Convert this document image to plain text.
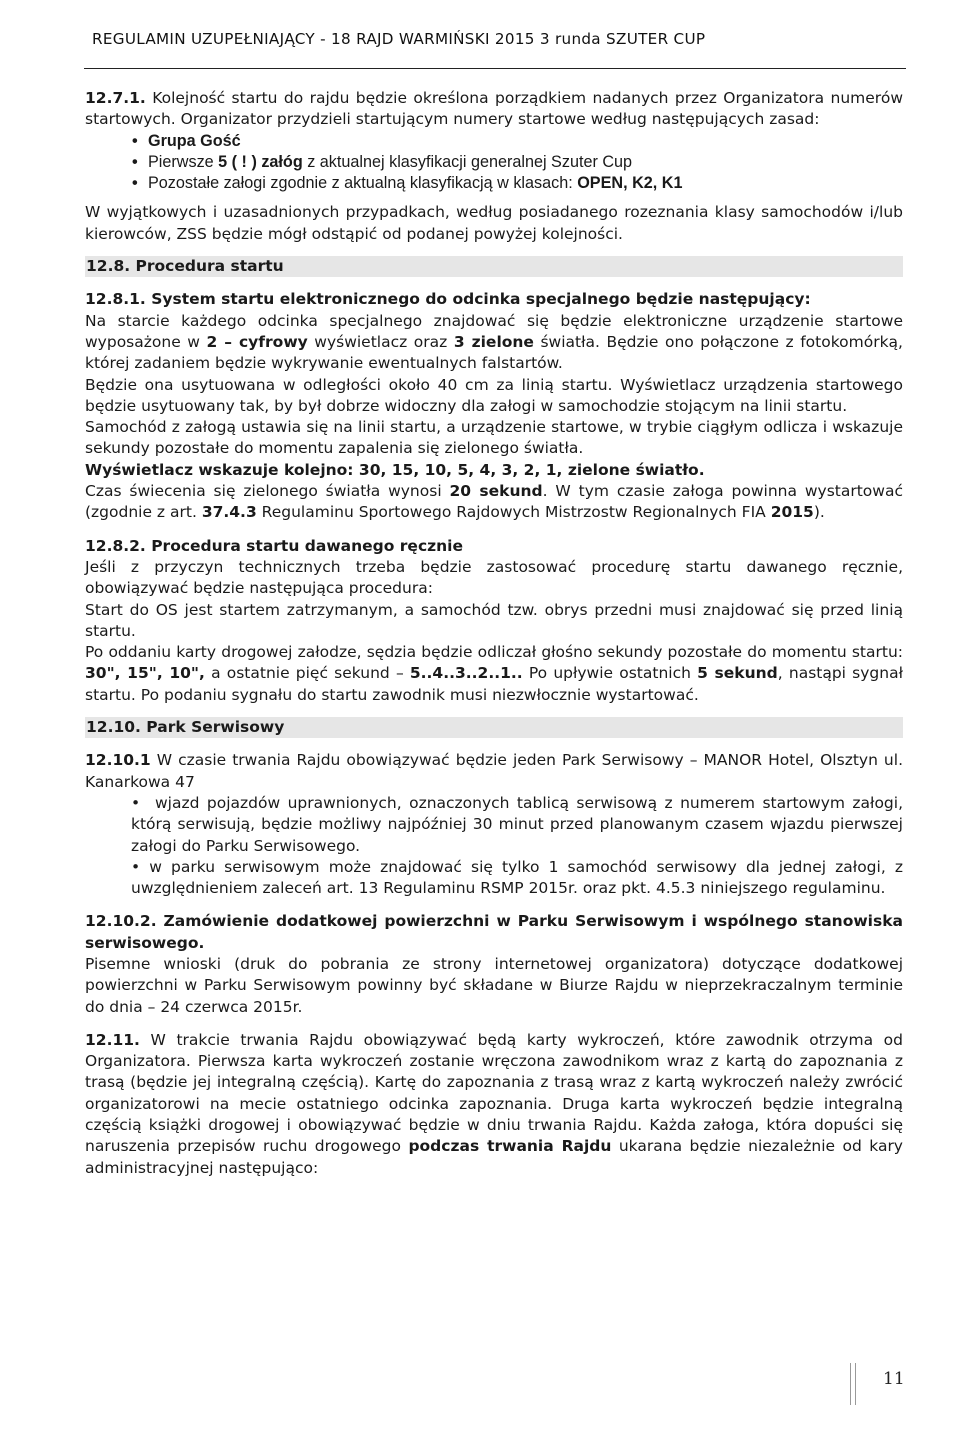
REGULAMIN UZUPEŁNIAJĄCY - 18 RAJD WARMIŃSKI 2015 3 runda SZUTER CUP

12.7.1. Kolejność startu do rajdu będzie określona porządkiem nadanych przez Organizatora numerów startowych. Organizator przydzieli startującym numery startowe według następujących zasad:

• Grupa Gość
• Pierwsze 5 ( ! ) załóg z aktualnej klasyfikacji generalnej Szuter Cup
• Pozostałe załogi zgodnie z aktualną klasyfikacją w klasach: OPEN, K2, K1

W wyjątkowych i uzasadnionych przypadkach, według posiadanego rozeznania klasy samochodów i/lub kierowców, ZSS będzie mógł odstąpić od podanej powyżej kolejności.

12.8. Procedura startu

12.8.1. System startu elektronicznego do odcinka specjalnego będzie następujący:

Na starcie każdego odcinka specjalnego znajdować się będzie elektroniczne urządzenie startowe wyposażone w 2 – cyfrowy wyświetlacz oraz 3 zielone światła. Będzie ono połączone z fotokomórką, której zadaniem będzie wykrywanie ewentualnych falstartów.

Będzie ona usytuowana w odległości około 40 cm za linią startu. Wyświetlacz urządzenia startowego będzie usytuowany tak, by był dobrze widoczny dla załogi w samochodzie stojącym na linii startu.

Samochód z załogą ustawia się na linii startu, a urządzenie startowe, w trybie ciągłym odlicza i wskazuje sekundy pozostałe do momentu zapalenia się zielonego światła.

Wyświetlacz wskazuje kolejno: 30, 15, 10, 5, 4, 3, 2, 1, zielone światło.

Czas świecenia się zielonego światła wynosi 20 sekund. W tym czasie załoga powinna wystartować (zgodnie z art. 37.4.3 Regulaminu Sportowego Rajdowych Mistrzostw Regionalnych FIA 2015).

12.8.2. Procedura startu dawanego ręcznie

Jeśli z przyczyn technicznych trzeba będzie zastosować procedurę startu dawanego ręcznie, obowiązywać będzie następująca procedura:

Start do OS jest startem zatrzymanym, a samochód tzw. obrys przedni musi znajdować się przed linią startu.

Po oddaniu karty drogowej załodze, sędzia będzie odliczał głośno sekundy pozostałe do momentu startu: 30", 15", 10", a ostatnie pięć sekund – 5..4..3..2..1.. Po upływie ostatnich 5 sekund, nastąpi sygnał startu. Po podaniu sygnału do startu zawodnik musi niezwłocznie wystartować.

12.10. Park Serwisowy

12.10.1 W czasie trwania Rajdu obowiązywać będzie jeden Park Serwisowy – MANOR Hotel, Olsztyn ul. Kanarkowa 47

•  wjazd pojazdów uprawnionych, oznaczonych tablicą serwisową z numerem startowym załogi, którą serwisują, będzie możliwy najpóźniej 30 minut przed planowanym czasem wjazdu pierwszej załogi do Parku Serwisowego.

• w parku serwisowym może znajdować się tylko 1 samochód serwisowy dla jednej załogi, z uwzględnieniem zaleceń art. 13 Regulaminu RSMP 2015r. oraz pkt. 4.5.3 niniejszego regulaminu.

12.10.2. Zamówienie dodatkowej powierzchni w Parku Serwisowym i wspólnego stanowiska serwisowego.

Pisemne wnioski (druk do pobrania ze strony internetowej organizatora) dotyczące dodatkowej powierzchni w Parku Serwisowym powinny być składane w Biurze Rajdu w nieprzekraczalnym terminie do dnia – 24 czerwca 2015r.

12.11. W trakcie trwania Rajdu obowiązywać będą karty wykroczeń, które zawodnik otrzyma od Organizatora. Pierwsza karta wykroczeń zostanie wręczona zawodnikom wraz z kartą do zapoznania z trasą (będzie jej integralną częścią). Kartę do zapoznania z trasą wraz z kartą wykroczeń należy zwrócić organizatorowi na mecie ostatniego odcinka zapoznania. Druga karta wykroczeń będzie integralną częścią książki drogowej i obowiązywać będzie w dniu trwania Rajdu. Każda załoga, która dopuści się naruszenia przepisów ruchu drogowego podczas trwania Rajdu ukarana będzie niezależnie od kary administracyjnej następująco:

11
